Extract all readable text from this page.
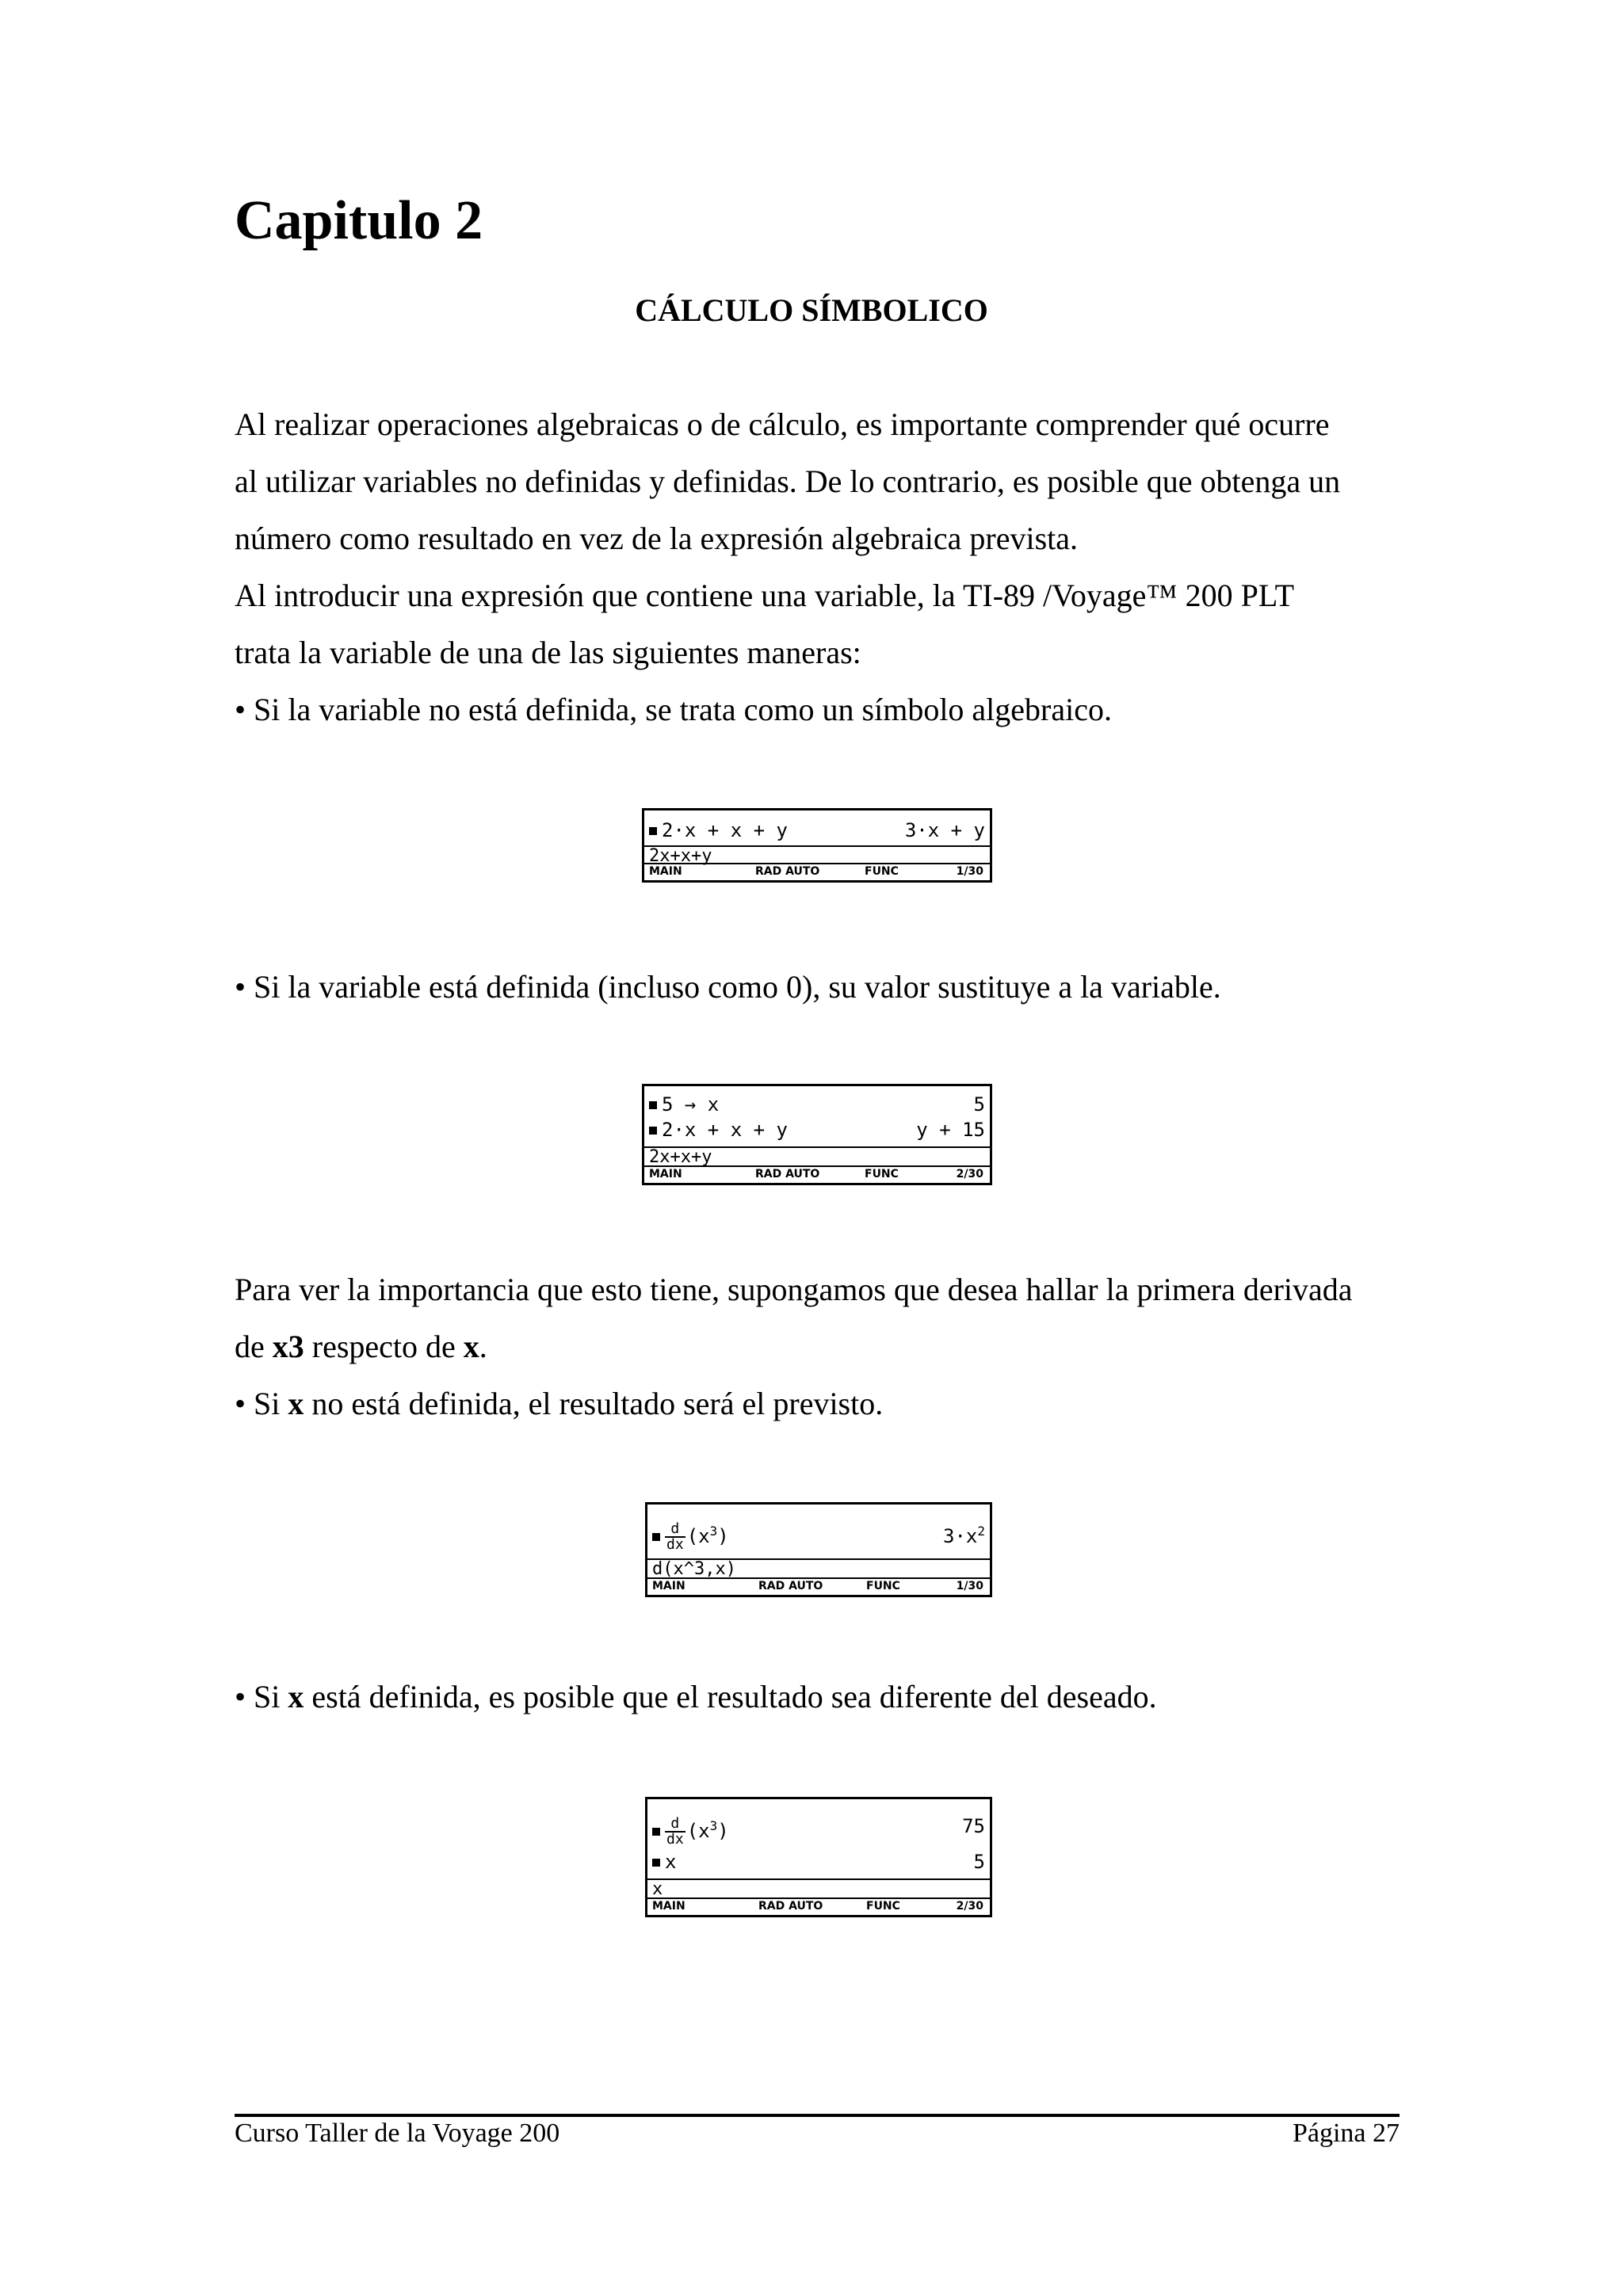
Capitulo 2
CÁLCULO SÍMBOLICO

Al realizar operaciones algebraicas o de cálculo, es importante comprender qué ocurre

al utilizar variables no definidas y definidas. De lo contrario, es posible que obtenga un

número como resultado en vez de la expresión algebraica prevista.

Al introducir una expresión que contiene una variable, la TI-89 /Voyage™ 200 PLT

trata la variable de una de las siguientes maneras:

• Si la variable no está definida, se trata como un símbolo algebraico.

2·x + x + y	3·x + y
2x+x+y
MAIN	RAD AUTO	FUNC	1/30

• Si la variable está definida (incluso como 0), su valor sustituye a la variable.

5 → x	5
2·x + x + y	y + 15
2x+x+y
MAIN	RAD AUTO	FUNC	2/30

Para ver la importancia que esto tiene, supongamos que desea hallar la primera derivada

de x3 respecto de x.

• Si x no está definida, el resultado será el previsto.

$\frac{d}{dx} (x^3)$	$3\cdot x^2$
d(x^3,x)
MAIN	RAD AUTO	FUNC	1/30

• Si x está definida, es posible que el resultado sea diferente del deseado.

$\frac{d}{dx} (x^3)$	75
x	5
x
MAIN	RAD AUTO	FUNC	2/30

Curso Taller de la Voyage 200	Página 27
